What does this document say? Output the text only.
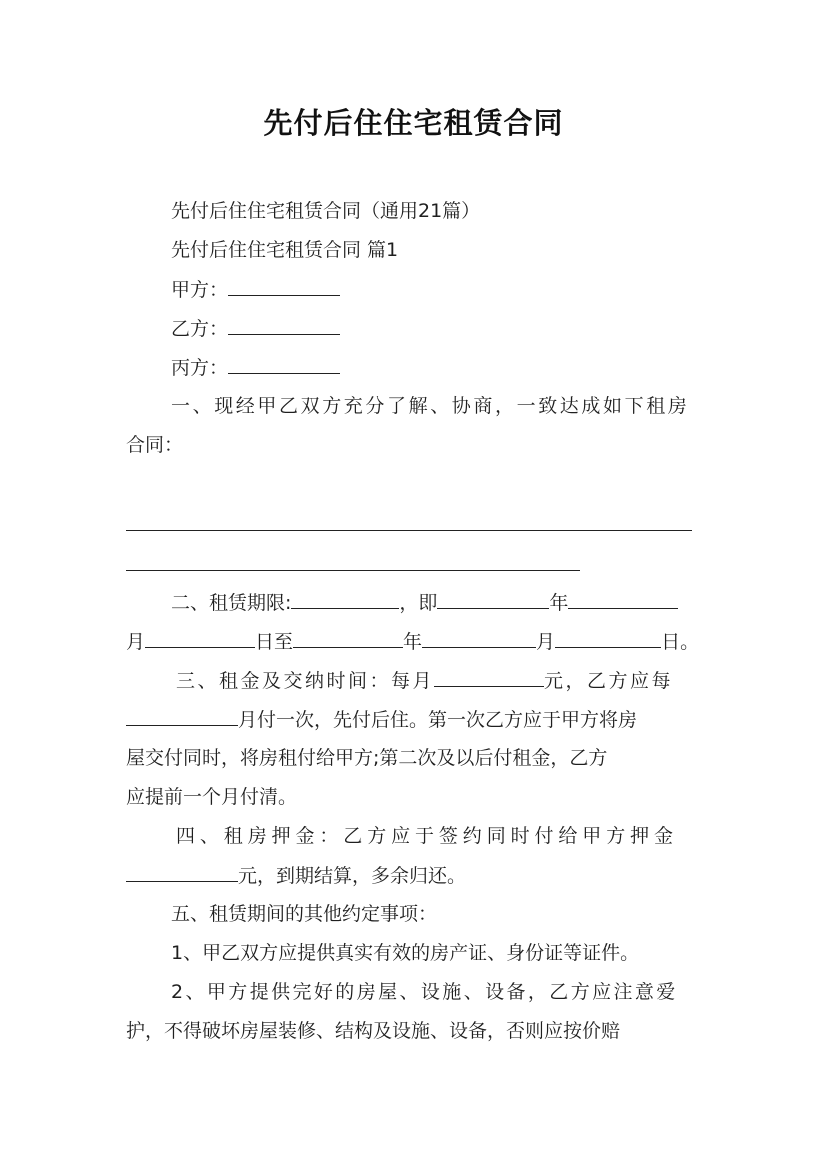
先付后住住宅租赁合同
先付后住住宅租赁合同（通用21篇）
先付后住住宅租赁合同 篇1
甲方：
乙方：
丙方：
一、现经甲乙双方充分了解、协商，一致达成如下租房
合同：
二、租赁期限:	，即	年
月	日至	年	月	日。
三、租金及交纳时间：每月	元，乙方应每
月付一次，先付后住。第一次乙方应于甲方将房
屋交付同时，将房租付给甲方;第二次及以后付租金，乙方
应提前一个月付清。
四、租房押金：乙方应于签约同时付给甲方押金
元，到期结算，多余归还。
五、租赁期间的其他约定事项：
1、甲乙双方应提供真实有效的房产证、身份证等证件。
2、甲方提供完好的房屋、设施、设备，乙方应注意爱
护，不得破坏房屋装修、结构及设施、设备，否则应按价赔
